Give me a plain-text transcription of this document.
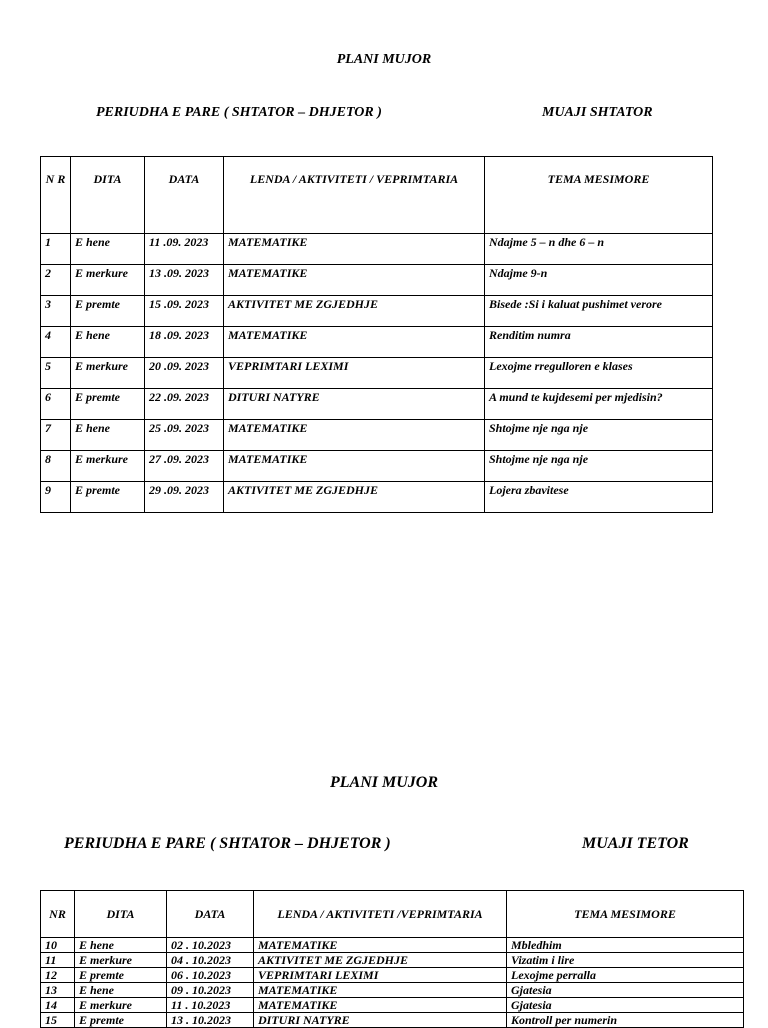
PLANI MUJOR
PERIUDHA E PARE ( SHTATOR – DHJETOR )	MUAJI SHTATOR
N R	DITA	DATA	LENDA / AKTIVITETI / VEPRIMTARIA	TEMA MESIMORE
1	E hene	11 .09. 2023	MATEMATIKE	Ndajme 5 – n dhe 6 – n
2	E merkure	13 .09. 2023	MATEMATIKE	Ndajme 9-n
3	E premte	15 .09. 2023	AKTIVITET ME ZGJEDHJE	Bisede :Si i kaluat pushimet verore
4	E hene	18 .09. 2023	MATEMATIKE	Renditim numra
5	E merkure	20 .09. 2023	VEPRIMTARI LEXIMI	Lexojme rregulloren e klases
6	E premte	22 .09. 2023	DITURI NATYRE	A mund te kujdesemi per mjedisin?
7	E hene	25 .09. 2023	MATEMATIKE	Shtojme nje nga nje
8	E merkure	27 .09. 2023	MATEMATIKE	Shtojme nje nga nje
9	E premte	29 .09. 2023	AKTIVITET ME ZGJEDHJE	Lojera zbavitese
PLANI MUJOR
PERIUDHA E PARE ( SHTATOR – DHJETOR )	MUAJI TETOR
NR	DITA	DATA	LENDA / AKTIVITETI /VEPRIMTARIA	TEMA MESIMORE
10	E hene	02 . 10.2023	MATEMATIKE	Mbledhim
11	E merkure	04 . 10.2023	AKTIVITET ME ZGJEDHJE	Vizatim i lire
12	E premte	06 . 10.2023	VEPRIMTARI LEXIMI	Lexojme perralla
13	E hene	09 . 10.2023	MATEMATIKE	Gjatesia
14	E merkure	11 . 10.2023	MATEMATIKE	Gjatesia
15	E premte	13 . 10.2023	DITURI NATYRE	Kontroll per numerin
